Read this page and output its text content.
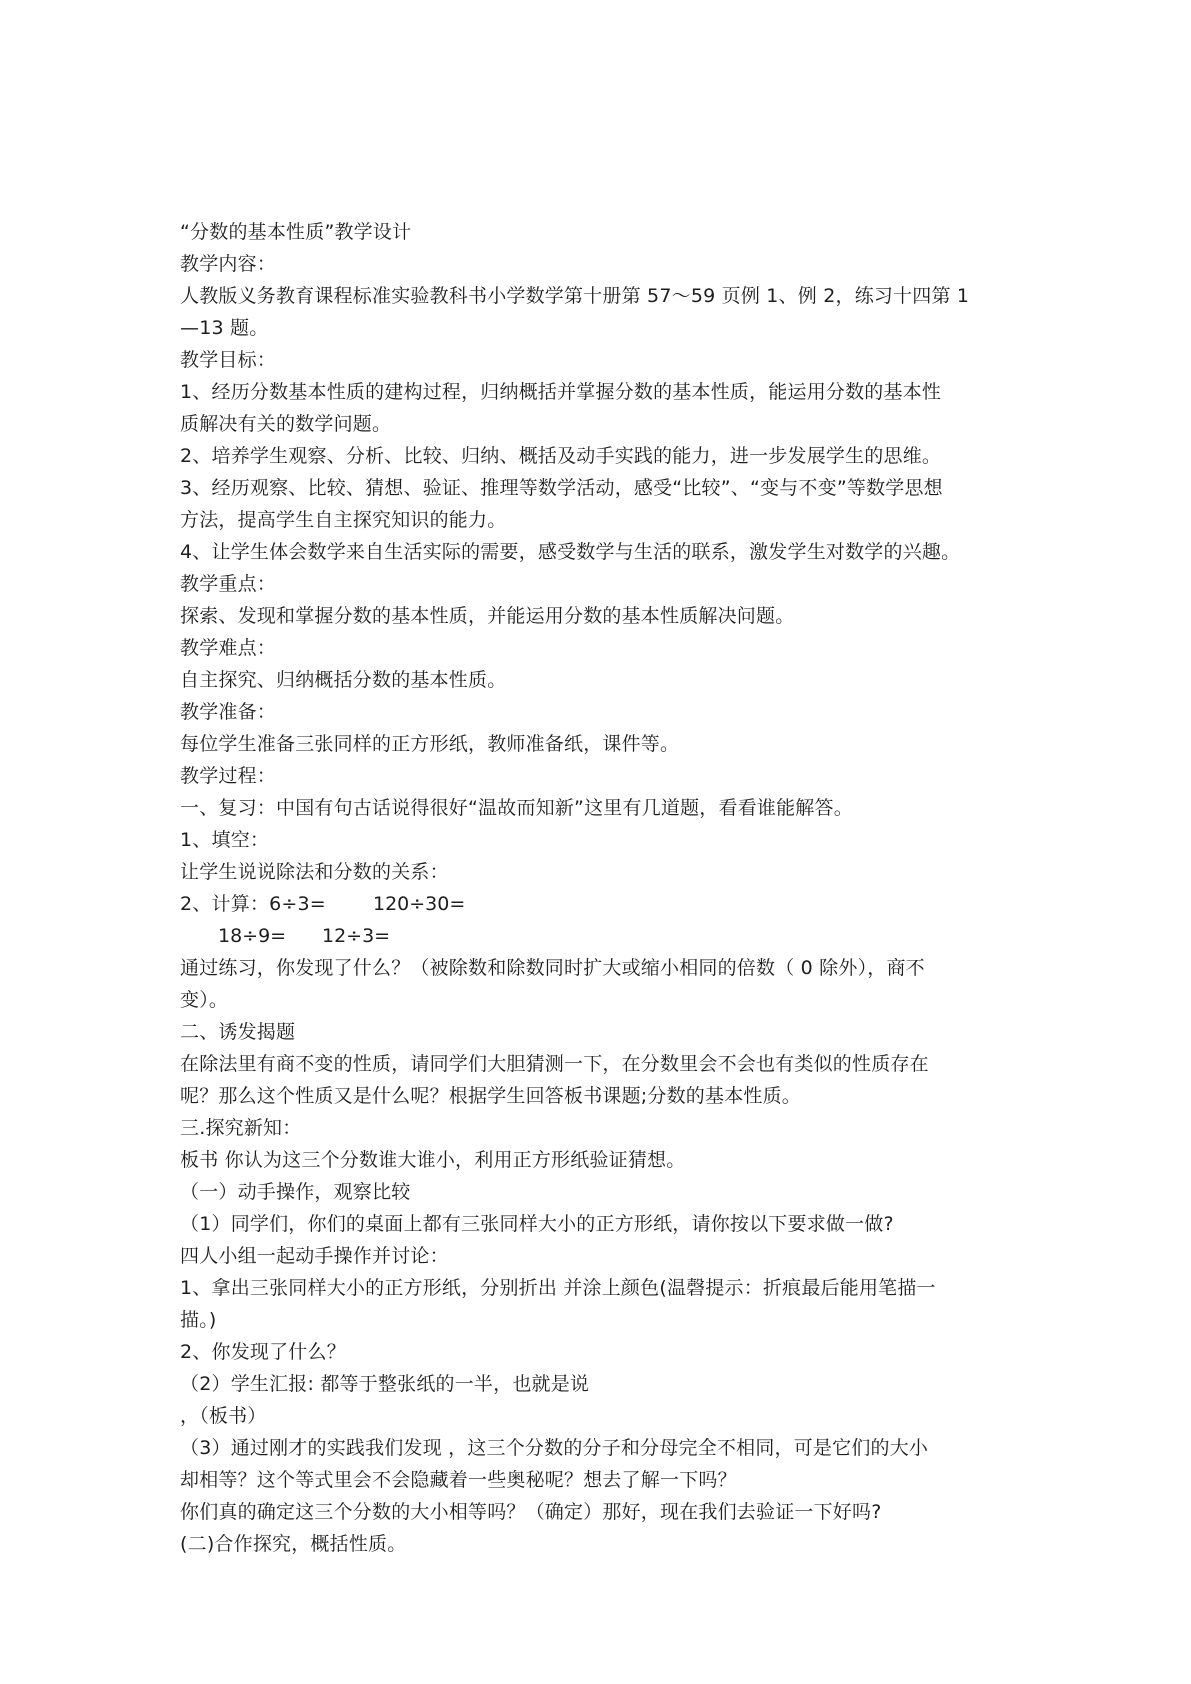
“分数的基本性质”教学设计
教学内容：
人教版义务教育课程标准实验教科书小学数学第十册第 57～59 页例 1、例 2，练习十四第 1
—13 题。
教学目标：
1、经历分数基本性质的建构过程，归纳概括并掌握分数的基本性质，能运用分数的基本性
质解决有关的数学问题。
2、培养学生观察、分析、比较、归纳、概括及动手实践的能力，进一步发展学生的思维。
3、经历观察、比较、猜想、验证、推理等数学活动，感受“比较”、“变与不变”等数学思想
方法，提高学生自主探究知识的能力。
4、让学生体会数学来自生活实际的需要，感受数学与生活的联系，激发学生对数学的兴趣。
教学重点：
探索、发现和掌握分数的基本性质，并能运用分数的基本性质解决问题。
教学难点：
自主探究、归纳概括分数的基本性质。
教学准备：
每位学生准备三张同样的正方形纸，教师准备纸，课件等。
教学过程：
一、复习：中国有句古话说得很好“温故而知新”这里有几道题，看看谁能解答。
1、填空：
让学生说说除法和分数的关系：
2、计算：6÷3= 120÷30=
18÷9= 12÷3=
通过练习，你发现了什么？（被除数和除数同时扩大或缩小相同的倍数（ 0 除外），商不
变）。
二、诱发揭题
在除法里有商不变的性质，请同学们大胆猜测一下，在分数里会不会也有类似的性质存在
呢？那么这个性质又是什么呢？根据学生回答板书课题;分数的基本性质。
三.探究新知：
板书 你认为这三个分数谁大谁小，利用正方形纸验证猜想。
（一）动手操作，观察比较
（1）同学们，你们的桌面上都有三张同样大小的正方形纸，请你按以下要求做一做?
四人小组一起动手操作并讨论：
1、拿出三张同样大小的正方形纸，分别折出 并涂上颜色(温磬提示：折痕最后能用笔描一
描。)
2、你发现了什么？
（2）学生汇报: 都等于整张纸的一半，也就是说
，（板书）
（3）通过刚才的实践我们发现 ，这三个分数的分子和分母完全不相同，可是它们的大小
却相等？这个等式里会不会隐藏着一些奥秘呢？想去了解一下吗？
你们真的确定这三个分数的大小相等吗？（确定）那好，现在我们去验证一下好吗?
(二)合作探究，概括性质。
